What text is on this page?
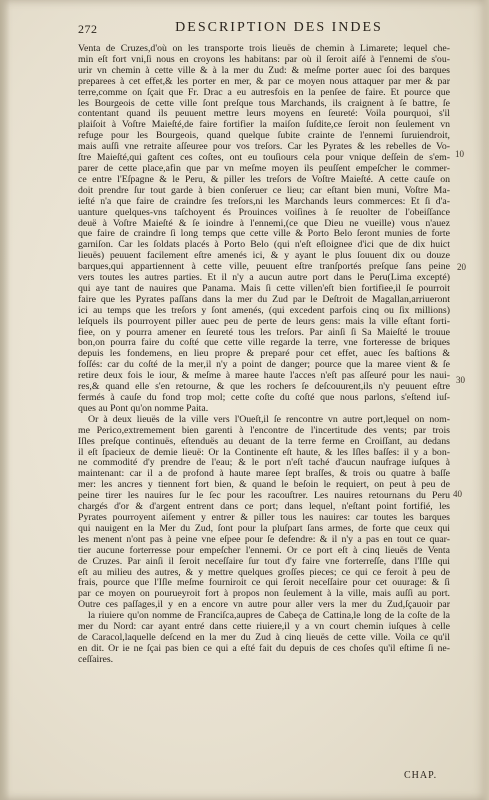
272	DESCRIPTION DES INDES
Venta de Cruzes,d'où on les transporte trois lieuës de chemin à Limarete; lequel che-
min eſt fort vni,ſi nous en croyons les habitans: par où il ſeroit aiſé à l'ennemi de s'ou-
urir vn chemin à cette ville & à la mer du Zud: & meſme porter auec ſoi des barques
preparees à cet effet,& les porter en mer, & par ce moyen nous attaquer par mer & par
terre,comme on ſçait que Fr. Drac a eu autresfois en la penſee de faire. Et pource que
les Bourgeois de cette ville ſont preſque tous Marchands, ils craignent à ſe battre, ſe
contentant quand ils peuuent mettre leurs moyens en ſeureté: Voila pourquoi, s'il
plaiſoit à Voſtre Maieſté,de faire fortifier la maiſon ſuſdite,ce ſeroit non ſeulement vn
refuge pour les Bourgeois, quand quelque ſubite crainte de l'ennemi ſuruiendroit,
mais auſſi vne retraite aſſeuree pour vos treſors. Car les Pyrates & les rebelles de Vo-
ſtre Maieſté,qui gaſtent ces coſtes, ont eu touſiours cela pour vnique deſſein de s'em-
parer de cette place,afin que par vn meſme moyen ils peuſſent empeſcher le commer-
ce entre l'Eſpagne & le Peru, & piller les treſors de Voſtre Maieſté. A cette cauſe on
doit prendre ſur tout garde à bien conſeruer ce lieu; car eſtant bien muni, Voſtre Ma-
ieſté n'a que faire de craindre ſes treſors,ni les Marchands leurs commerces: Et ſi d'a-
uanture quelques-vns taſchoyent és Prouinces voiſines à ſe reuolter de l'obeiſſance
deuë à Voſtre Maieſté & ſe ioindre à l'ennemi,(ce que Dieu ne vueille) vous n'auez
que faire de craindre ſi long temps que cette ville & Porto Belo ſeront munies de forte
garniſon. Car les ſoldats placés à Porto Belo (qui n'eſt eſloignee d'ici que de dix huict
lieuës) peuuent facilement eſtre amenés ici, & y ayant le plus ſouuent dix ou douze
barques,qui appartiennent à cette ville, peuuent eſtre tranſportés preſque ſans peine
vers toutes les autres parties. Et il n'y a aucun autre port dans le Peru(Lima excepté)
qui aye tant de nauires que Panama. Mais ſi cette villen'eſt bien fortifiee,il ſe pourroit
faire que les Pyrates paſſans dans la mer du Zud par le Deſtroit de Magallan,arriueront
ici au temps que les treſors y ſont amenés, (qui excedent parfois cinq ou ſix millions)
leſquels ils pourroyent piller auec peu de perte de leurs gens: mais la ville eſtant forti-
fiee, on y pourra amener en ſeureté tous les treſors. Par ainſi ſi Sa Maieſté le trouue
bon,on pourra faire du coſté que cette ville regarde la terre, vne forteresse de briques
depuis les fondemens, en lieu propre & preparé pour cet effet, auec ſes baſtions &
foſſés: car du coſté de la mer,il n'y a point de danger; pource que la maree vient & ſe
retire deux fois le iour, & meſme à maree haute l'acces n'eſt pas aſſeuré pour les naui-
res,& quand elle s'en retourne, & que les rochers ſe deſcouurent,ils n'y peuuent eſtre
fermés à cauſe du fond trop mol; cette coſte du coſté que nous parlons, s'eſtend iuſ-
ques au Pont qu'on nomme Paita.
Or à deux lieuës de la ville vers l'Oueſt,il ſe rencontre vn autre port,lequel on nom-
me Perico,extremement bien garenti à l'encontre de l'incertitude des vents; par trois
Iſles preſque continuës, eſtenduës au deuant de la terre ferme en Croiſſant, au dedans
il eſt ſpacieux de demie lieuë: Or la Continente eſt haute, & les Iſles baſſes: il y a bon-
ne commodité d'y prendre de l'eau; & le port n'eſt taché d'aucun naufrage iuſques à
maintenant: car il a de profond à haute maree ſept braſſes, & trois ou quatre à baſſe
mer: les ancres y tiennent fort bien, & quand le beſoin le requiert, on peut à peu de
peine tirer les nauires ſur le ſec pour les racouſtrer. Les nauires retournans du Peru
chargés d'or & d'argent entrent dans ce port; dans lequel, n'eſtant point fortifié, les
Pyrates pourroyent aiſement y entrer & piller tous les nauires: car toutes les barques
qui nauigent en la Mer du Zud, ſont pour la pluſpart ſans armes, de forte que ceux qui
les menent n'ont pas à peine vne eſpee pour ſe defendre: & il n'y a pas en tout ce quar-
tier aucune forterresse pour empeſcher l'ennemi. Or ce port eſt à cinq lieuës de Venta
de Cruzes. Par ainſi il ſeroit neceſſaire ſur tout d'y faire vne forterreſſe, dans l'Iſle qui
eſt au milieu des autres, & y mettre quelques groſſes pieces; ce qui ce feroit à peu de
frais, pource que l'Iſle meſme fourniroit ce qui ſeroit neceſſaire pour cet ouurage: & ſi
par ce moyen on pourueyroit fort à propos non ſeulement à la ville, mais auſſi au port.
Outre ces paſſages,il y en a encore vn autre pour aller vers la mer du Zud,ſçauoir par
la riuiere qu'on nomme de Franciſca,aupres de Cabeça de Cattina,le long de la coſte de la
mer du Nord: car ayant entré dans cette riuiere,il y a vn court chemin iuſques à celle
de Caracol,laquelle deſcend en la mer du Zud à cinq lieuës de cette ville. Voila ce qu'il
en dit. Or ie ne ſçai pas bien ce qui a eſté fait du depuis de ces choſes qu'il eſtime ſi ne-
ceſſaires.
10
20
30
40
CHAP.
